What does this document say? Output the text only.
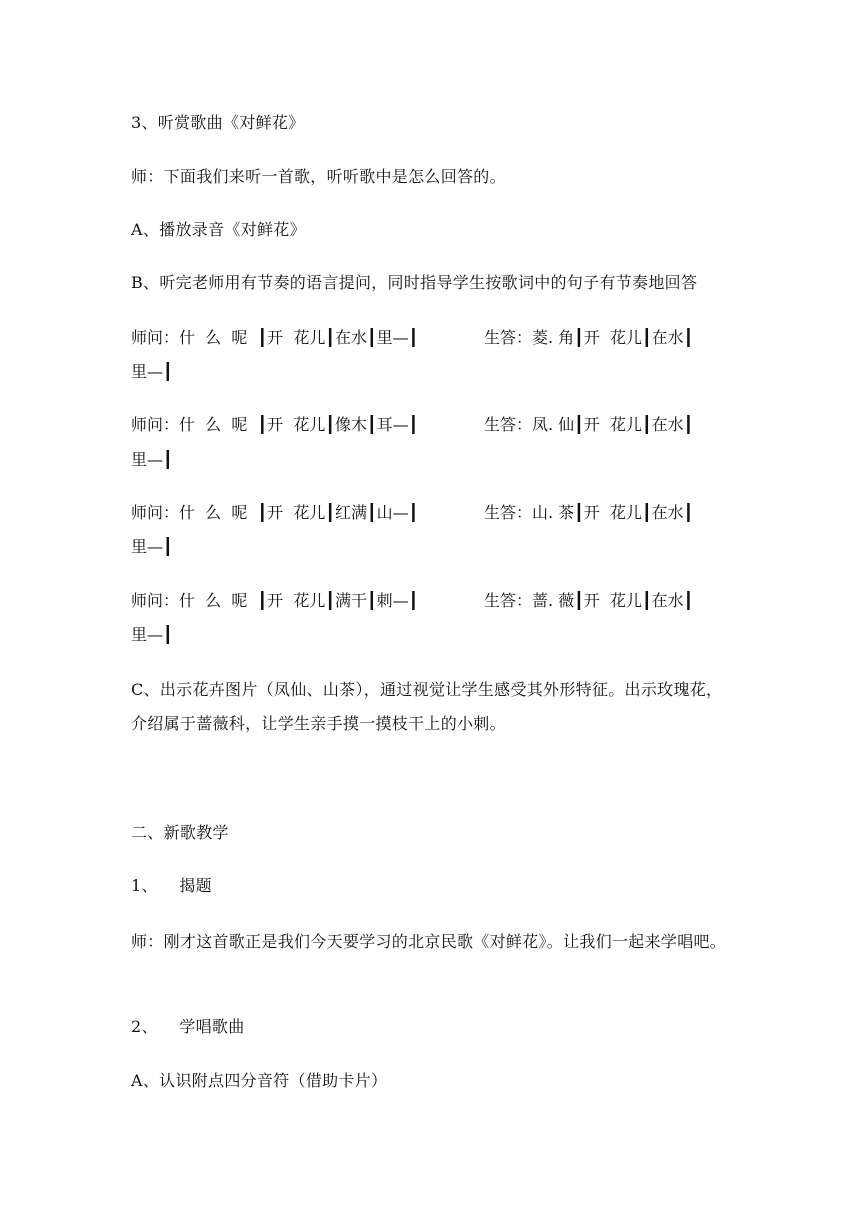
3、听赏歌曲《对鲜花》
师：下面我们来听一首歌，听听歌中是怎么回答的。
A、播放录音《对鲜花》
B、听完老师用有节奏的语言提问，同时指导学生按歌词中的句子有节奏地回答
师问：什  么  呢  ┃开  花儿┃在水┃里—┃	生答：菱. 角┃开  花儿┃在水┃
里—┃
师问：什  么  呢  ┃开  花儿┃像木┃耳—┃	生答：凤. 仙┃开  花儿┃在水┃
里—┃
师问：什  么  呢  ┃开  花儿┃红满┃山—┃	生答：山. 茶┃开  花儿┃在水┃
里—┃
师问：什  么  呢  ┃开  花儿┃满干┃刺—┃	生答：蔷. 薇┃开  花儿┃在水┃
里—┃
C、出示花卉图片（凤仙、山茶），通过视觉让学生感受其外形特征。出示玫瑰花，介绍属于蔷薇科，让学生亲手摸一摸枝干上的小刺。
二、新歌教学
1、    揭题
师：刚才这首歌正是我们今天要学习的北京民歌《对鲜花》。让我们一起来学唱吧。
2、    学唱歌曲
A、认识附点四分音符（借助卡片）
